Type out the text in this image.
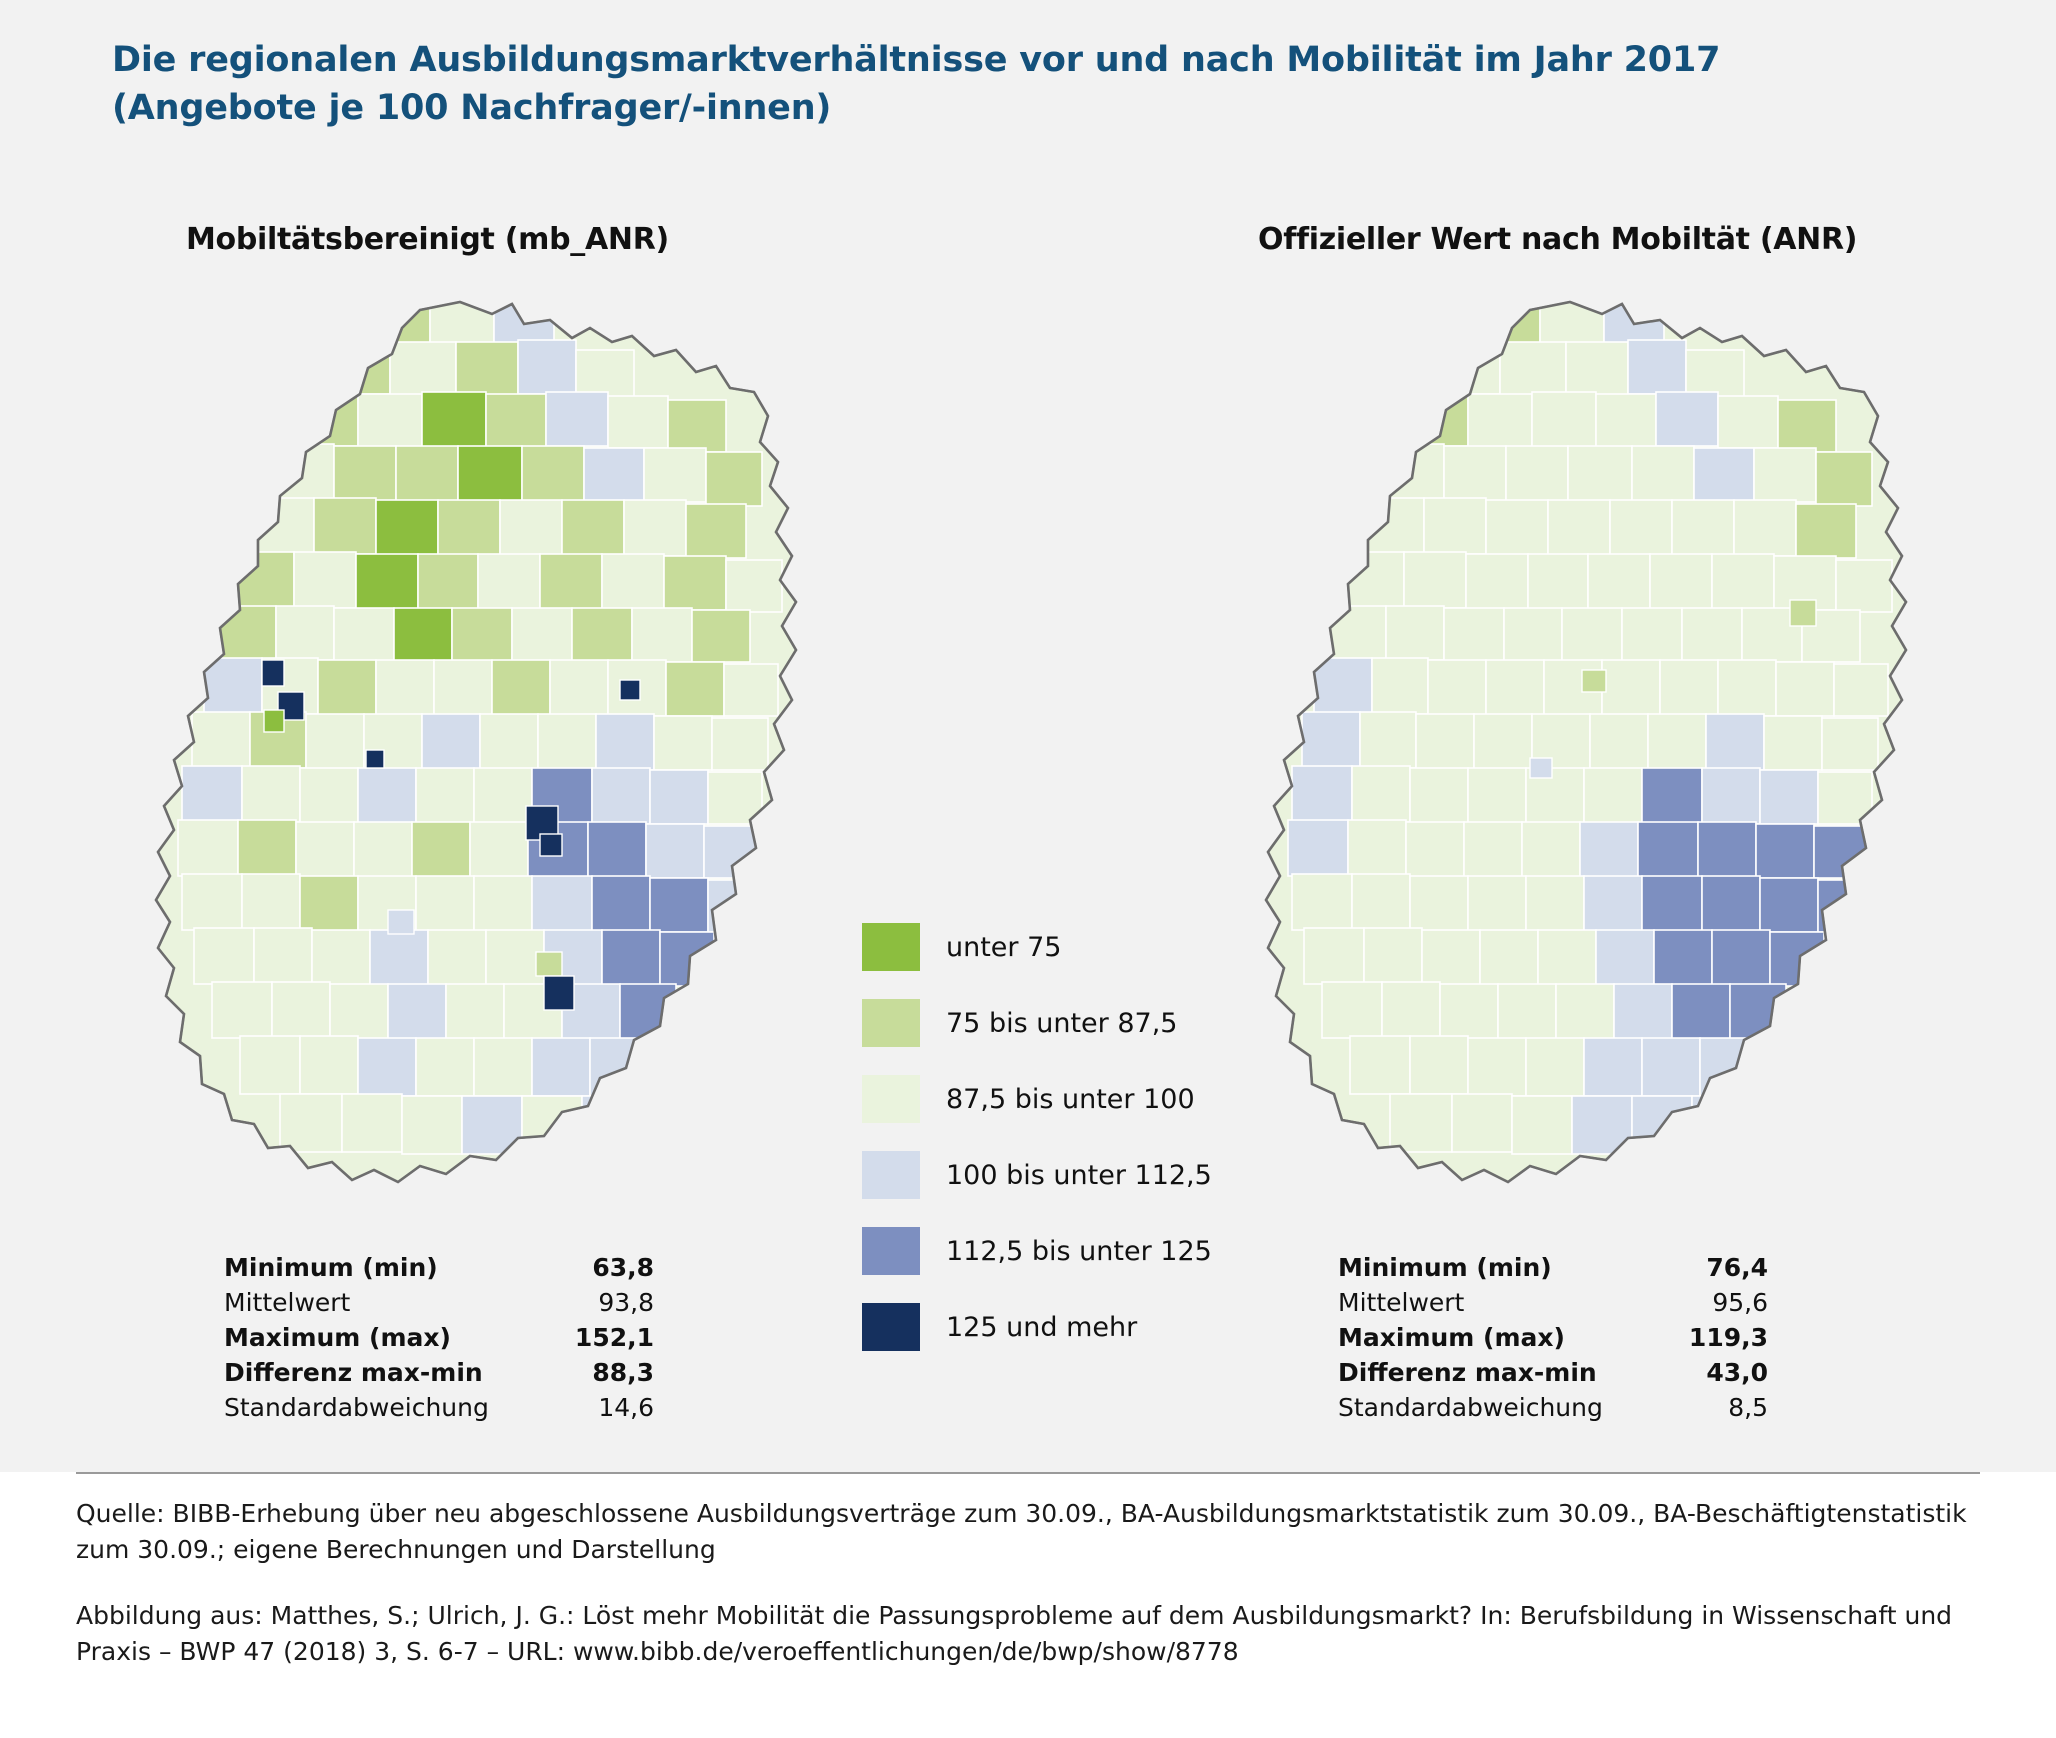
Die regionalen Ausbildungsmarktverhältnisse vor und nach Mobilität im Jahr 2017 (Angebote je 100 Nachfrager/-innen)
Mobiltätsbereinigt (mb_ANR)	Offizieller Wert nach Mobiltät (ANR)
unter 75
75 bis unter 87,5
87,5 bis unter 100
100 bis unter 112,5
112,5 bis unter 125
125 und mehr
Minimum (min)	63,8
Mittelwert	93,8
Maximum (max)	152,1
Differenz max-min	88,3
Standardabweichung	14,6
Minimum (min)	76,4
Mittelwert	95,6
Maximum (max)	119,3
Differenz max-min	43,0
Standardabweichung	8,5
Quelle: BIBB-Erhebung über neu abgeschlossene Ausbildungsverträge zum 30.09., BA-Ausbildungsmarktstatistik zum 30.09., BA-Beschäftigtenstatistik zum 30.09.; eigene Berechnungen und Darstellung
Abbildung aus: Matthes, S.; Ulrich, J. G.: Löst mehr Mobilität die Passungsprobleme auf dem Ausbildungsmarkt? In: Berufsbildung in Wissenschaft und Praxis – BWP 47 (2018) 3, S. 6-7 – URL: www.bibb.de/veroeffentlichungen/de/bwp/show/8778
